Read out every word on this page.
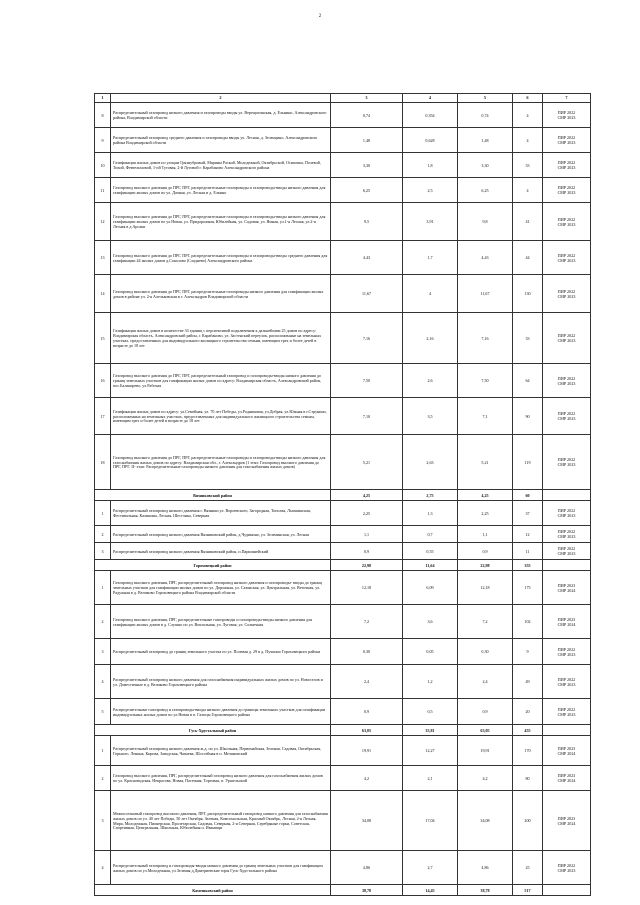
2
1	2	3	4	5	6	7
8	Распределительный газопровод низкого давления и газопроводы вводы ул. Верещагинская, д. Ельнино, Александровского района, Владимирской области	0,74	0,354	0,74	4	ПИР 2022
СМР 2023
9	Распределительный газопровод среднего давления и газопроводы вводы ул. Лесная, д. Зеленцино, Александровского района Владимирской области	1,48	0,628	1,48	4	ПИР 2022
СМР 2023
10	Газификация жилых домов по улицам Грязнубровый, Марины Раской, Молодежной, Октябрьской, Осиповка, Полевой, Тихой, Февтельмовой, 1-ой Тутовая, 2-й Луговой г. Карабаново Александровского района	3,30	1,8	3,30	33	ПИР 2022
СМР 2023
11	Газопровод высокого давления до ПРГ, ПРГ, распределительные газопроводы и газопроводы-вводы низкого давления для газификации жилых домов по ул. Дачная, ул. Лесная и д. Елкино	6,25	2,5	6,25	4	ПИР 2022
СМР 2023
12	Газопровод высокого давления до ПРГ, ПРГ, распределительные газопроводы и газопроводы-вводы низкого давления для газификации жилых домов по ул.Новая, ул. Придорожная, Юбилейная, ул. Садовая, ул. Ямная, ул.1-я Лесная, ул.2-я Лесная в д.Арсаки	9,5	3,91	9,8	41	ПИР 2022
СМР 2023
13	Газопровод высокого давления до ПРГ, ПРГ, распределительные газопроводы и газопроводы-вводы среднего давления для газификации 44 жилых домов д.Соколово (Сладнево) Александровского района	4,43	1,7	4,43	44	ПИР 2022
СМР 2023
14	Газопровод высокого давления до ПРГ, ПРГ, распределительные газопроводы низкого давления для газификации жилых домов в районе ул. 2-я Алельковская в г. Александров Владимирской области	11,67	4	11,67	130	ПИР 2022
СМР 2023
15	Газификация жилых домов в количестве 33 единиц с перспективой подключения к дальнейшим 25 домов по адресу: Владимирская область, Александровский район, г. Карабаново, ул. Застенский переулок, расположенные на земельных участках, предоставленных для индивидуального жилищного строительства семьям, имеющим трех и более детей в возрасте до 18 лет	7,16	2,16	7,16	33	ПИР 2022
СМР 2023
16	Газопровод высокого давления до ПРГ, ПРГ, распределительный газопровод и газопроводы-вводы низкого давления до границ земельных участков для газификации жилых домов по адресу: Владимирская область, Александровский район, пос.Балакирево, ул.Рабочая	7,50	2,6	7,50	64	ПИР 2022
СМР 2023
17	Газификация жилых домов по адресу: ул.Семейная, ул. 70 лет Победы, ул.Родниковая, ул.Добрая, ул.Южная в г.Струнино, расположенных на земельных участках, предоставленных для индивидуального жилищного строительства семьям, имеющим трех и более детей в возрасте до 18 лет	7,10	3,5	7,1	90	ПИР 2022
СМР 2023
18	Газопровод высокого давления до ПРГ, ПРГ, распределительные газопроводы и газопроводы-вводы низкого давления для газоснабжения жилых домов по адресу: Владимирская обл., г. Александров (1 этап: Газопровод высокого давления до ПРГ, ПРГ. II- этап: Распределительные газопроводы низкого давления для газоснабжения жилых домов)	5,21	2,63	5,21	119	ПИР 2022
СМР 2023
Вязниковский район		4,25	2,75	4,25	60	
1	Распределительный газопровод низкого давления г. Вязники ул. Вороевского, Загородная, Тополая, Лыпшинская, Фестивальная, Калинина, Лесная, Шестчика, Северная	2,25	1,3	2,25	37	ПИР 2022
СМР 2023
2	Распределительный газопровод низкого давления Вязниковский район, д.Чудинино, ул. Зеленинская, ул. Лесная	1,1	0,7	1,1	12	ПИР 2022
СМР 2023
3	Распределительный газопровод низкого давления Вязниковский район, п.Паршинейский	0,9	0,55	0,9	11	ПИР 2022
СМР 2023
Гороховецкий район		22,98	11,64	22,98	355	
1	Газопровод высокого давления, ПРГ, распределительный газопровод низкого давления и газопроводы- вводы до границ земельных участков для газификации жилых домов по ул. Дорожная, ул. Сазанская, ул. Центральная, ул. Веточная, ул. Радужная в д. Великово Гороховецкого района Владимирской области	12,18	6,09	12,18	175	ПИР 2023
СМР 2024
2	Газопровод высокого давления, ПРГ, распределительные газопроводы и газопроводы-вводы низкого давления для газификации жилых домов в д. Слушно по ул. Вокзальная, ул. Луговая, ул. Солнечная	7,2	3,6	7,2	102	ПИР 2023
СМР 2024
3	Распределительный газопровод до границ земельного участка по ул. Полевая д. 29 в д. Пучкино Гороховецкого района	0,30	0,05	0,30	9	ПИР 2022
СМР 2023
4	Распределительный газопровод низкого давления для газоснабжения индивидуальных жилых домов по ул. Новоселов и ул. Доместичные в д. Великово Гороховецкого района	2,4	1,2	2,4	49	ПИР 2022
СМР 2023
5	Распределительные газопровод и газопроводы-вводы низкого давления до границы земельных участков для газификации индивидуальных жилых домов по ул.Новая в п. Галицы Гороховецкого района	0,9	0,5	0,9	20	ПИР 2022
СМР 2023
Гусь-Хрустальный район		63,05	35,81	63,05	455	
1	Распределительный газопровод низкого давления ж.д. по ул. Школьная, Первомайская, Зеленая, Садовая, Октябрьская, Горького, Ленина, Кирова, Заводская, Чапаева, Шоссейная в п. Мезиновский	19,91	12,27	19,91	170	ПИР 2023
СМР 2024
2	Газопровод высокого давления, ПРГ, распределительный газопровод низкого давления для газоснабжения жилых домов по ул. Красноводская, Некрасова, Новая, Пасечная, Торговая, п. Уршельский	4,2	2,1	4,2	80	ПИР 2023
СМР 2024
3	Межпоселковый газопровод высокого давления, ПРГ, распределительный газопровод низкого давления для газоснабжения жилых домов по ул. 40 лет Победы, 50 лет Октября, Зеленая, Комсомольская, Красный Октябрь, Лесная, 2-я Лесная, Мира, Молодежная, Пионерская, Пролетарская, Садовая, Северная, 2-я Северная, Серебряные горки, Советская, Спортивная, Центральная, Школьная, Юбилейная п. Иванищи	34,08	17,04	34,08	200	ПИР 2023
СМР 2024
4	Распределительный газопровод и газопроводы-вводы низкого давления до границ земельных участков для газификации жилых домов по ул.Молодежная, ул.Зеленая д.Дмитриевские горы Гусь-Хрустального района	4,86	2,7	4,86	25	ПИР 2022
СМР 2023
Камешковский район		38,78	14,45	38,78	517	
